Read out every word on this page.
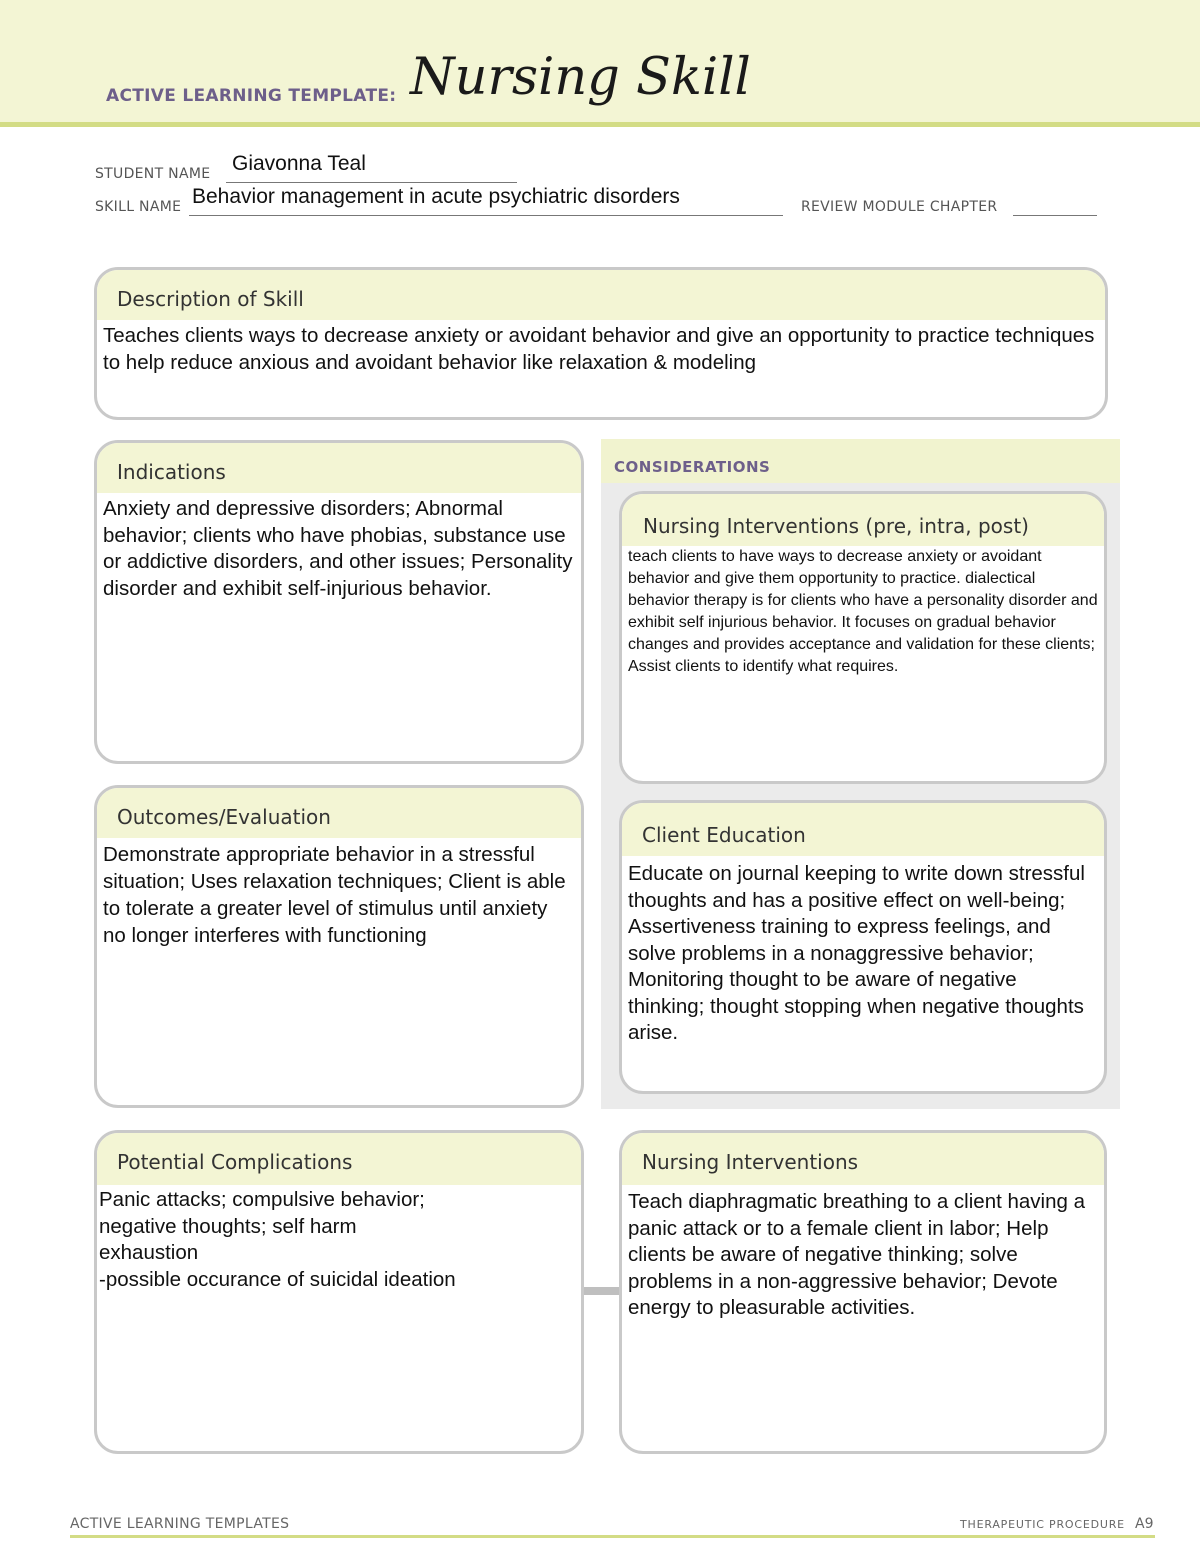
ACTIVE LEARNING TEMPLATE: Nursing Skill
STUDENT NAME Giavonna Teal
SKILL NAME Behavior management in acute psychiatric disorders	REVIEW MODULE CHAPTER
Description of Skill
Teaches clients ways to decrease anxiety or avoidant behavior and give an opportunity to practice techniques to help reduce anxious and avoidant behavior like relaxation & modeling
CONSIDERATIONS
Indications
Anxiety and depressive disorders; Abnormal behavior; clients who have phobias, substance use or addictive disorders, and other issues; Personality disorder and exhibit self-injurious behavior.
Nursing Interventions (pre, intra, post)
teach clients to have ways to decrease anxiety or avoidant behavior and give them opportunity to practice. dialectical behavior therapy is for clients who have a personality disorder and exhibit self injurious behavior. It focuses on gradual behavior changes and provides acceptance and validation for these clients; Assist clients to identify what requires.
Outcomes/Evaluation
Demonstrate appropriate behavior in a stressful situation; Uses relaxation techniques; Client is able to tolerate a greater level of stimulus until anxiety no longer interferes with functioning
Client Education
Educate on journal keeping to write down stressful thoughts and has a positive effect on well-being; Assertiveness training to express feelings, and solve problems in a nonaggressive behavior; Monitoring thought to be aware of negative thinking; thought stopping when negative thoughts arise.
Potential Complications
Panic attacks; compulsive behavior;
negative thoughts; self harm
exhaustion
-possible occurance of suicidal ideation
Nursing Interventions
Teach diaphragmatic breathing to a client having a panic attack or to a female client in labor; Help clients be aware of negative thinking; solve problems in a non-aggressive behavior; Devote energy to pleasurable activities.
ACTIVE LEARNING TEMPLATES	THERAPEUTIC PROCEDURE A9
